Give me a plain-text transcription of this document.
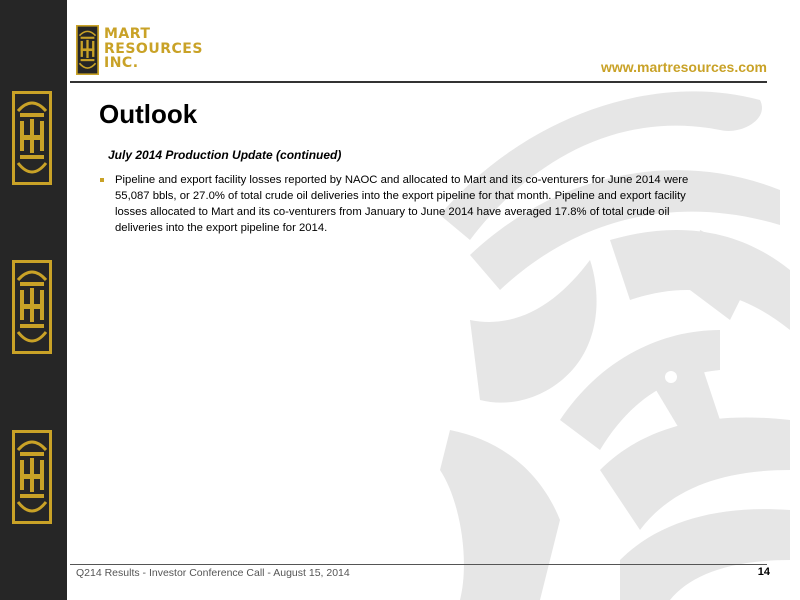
MART
RESOURCES
INC.	www.martresources.com
Outlook
July 2014 Production Update (continued)
Pipeline and export facility losses reported by NAOC and allocated to Mart and its co-venturers for June 2014 were 55,087 bbls, or 27.0% of total crude oil deliveries into the export pipeline for that month. Pipeline and export facility losses allocated to Mart and its co-venturers from January to June 2014 have averaged 17.8% of total crude oil deliveries into the export pipeline for 2014.
Q214 Results - Investor Conference Call - August 15, 2014	14
